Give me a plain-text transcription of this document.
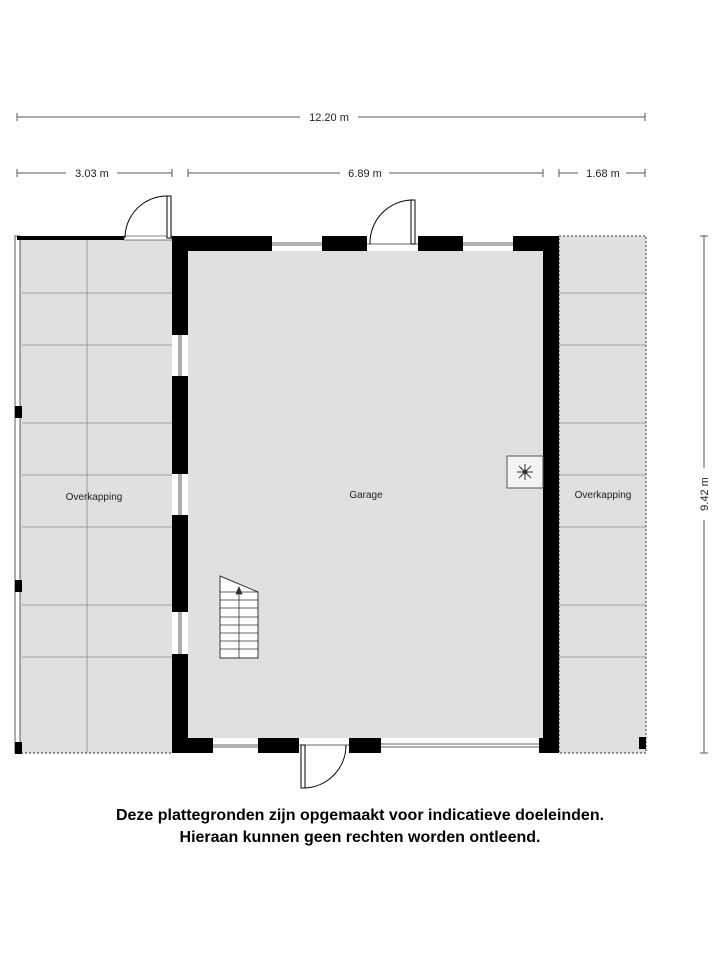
12.20 m
3.03 m	6.89 m	1.68 m
9.42 m
Overkapping	Garage	Overkapping

Deze plattegronden zijn opgemaakt voor indicatieve doeleinden.

Hieraan kunnen geen rechten worden ontleend.
